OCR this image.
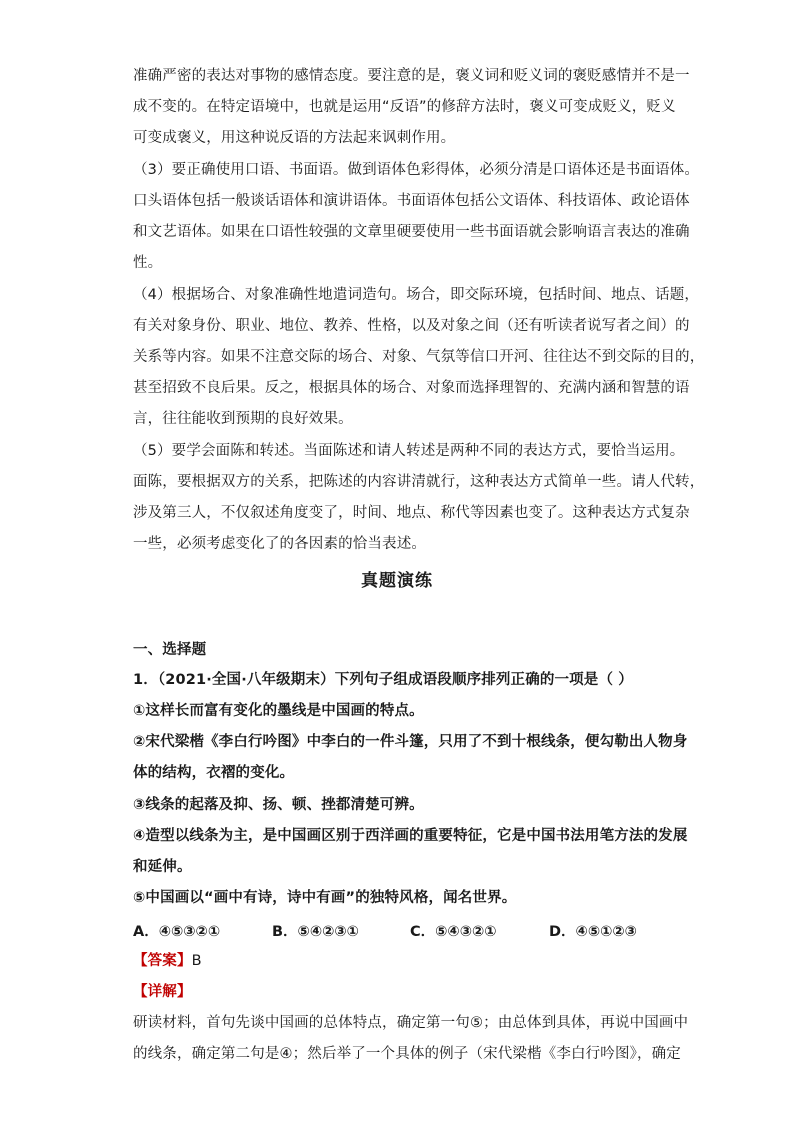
准确严密的表达对事物的感情态度。要注意的是，褒义词和贬义词的褒贬感情并不是一
成不变的。在特定语境中，也就是运用“反语”的修辞方法时，褒义可变成贬义，贬义
可变成褒义，用这种说反语的方法起来讽刺作用。
（3）要正确使用口语、书面语。做到语体色彩得体，必须分清是口语体还是书面语体。
口头语体包括一般谈话语体和演讲语体。书面语体包括公文语体、科技语体、政论语体
和文艺语体。如果在口语性较强的文章里硬要使用一些书面语就会影响语言表达的准确
性。
（4）根据场合、对象准确性地遣词造句。场合，即交际环境，包括时间、地点、话题，
有关对象身份、职业、地位、教养、性格，以及对象之间（还有听读者说写者之间）的
关系等内容。如果不注意交际的场合、对象、气氛等信口开河、往往达不到交际的目的，
甚至招致不良后果。反之，根据具体的场合、对象而选择理智的、充满内涵和智慧的语
言，往往能收到预期的良好效果。
（5）要学会面陈和转述。当面陈述和请人转述是两种不同的表达方式，要恰当运用。
面陈，要根据双方的关系，把陈述的内容讲清就行，这种表达方式简单一些。请人代转，
涉及第三人，不仅叙述角度变了，时间、地点、称代等因素也变了。这种表达方式复杂
一些，必须考虑变化了的各因素的恰当表述。
真题演练
一、选择题
1．（2021·全国·八年级期末）下列句子组成语段顺序排列正确的一项是（ ）
①这样长而富有变化的墨线是中国画的特点。
②宋代梁楷《李白行吟图》中李白的一件斗篷，只用了不到十根线条，便勾勒出人物身
体的结构，衣褶的变化。
③线条的起落及抑、扬、顿、挫都清楚可辨。
④造型以线条为主，是中国画区别于西洋画的重要特征，它是中国书法用笔方法的发展
和延伸。
⑤中国画以“画中有诗，诗中有画”的独特风格，闻名世界。
A．④⑤③②①	B．⑤④②③①	C．⑤④③②①	D．④⑤①②③
【答案】B
【详解】
研读材料，首句先谈中国画的总体特点，确定第一句⑤；由总体到具体，再说中国画中
的线条，确定第二句是④；然后举了一个具体的例子（宋代梁楷《李白行吟图》，确定
